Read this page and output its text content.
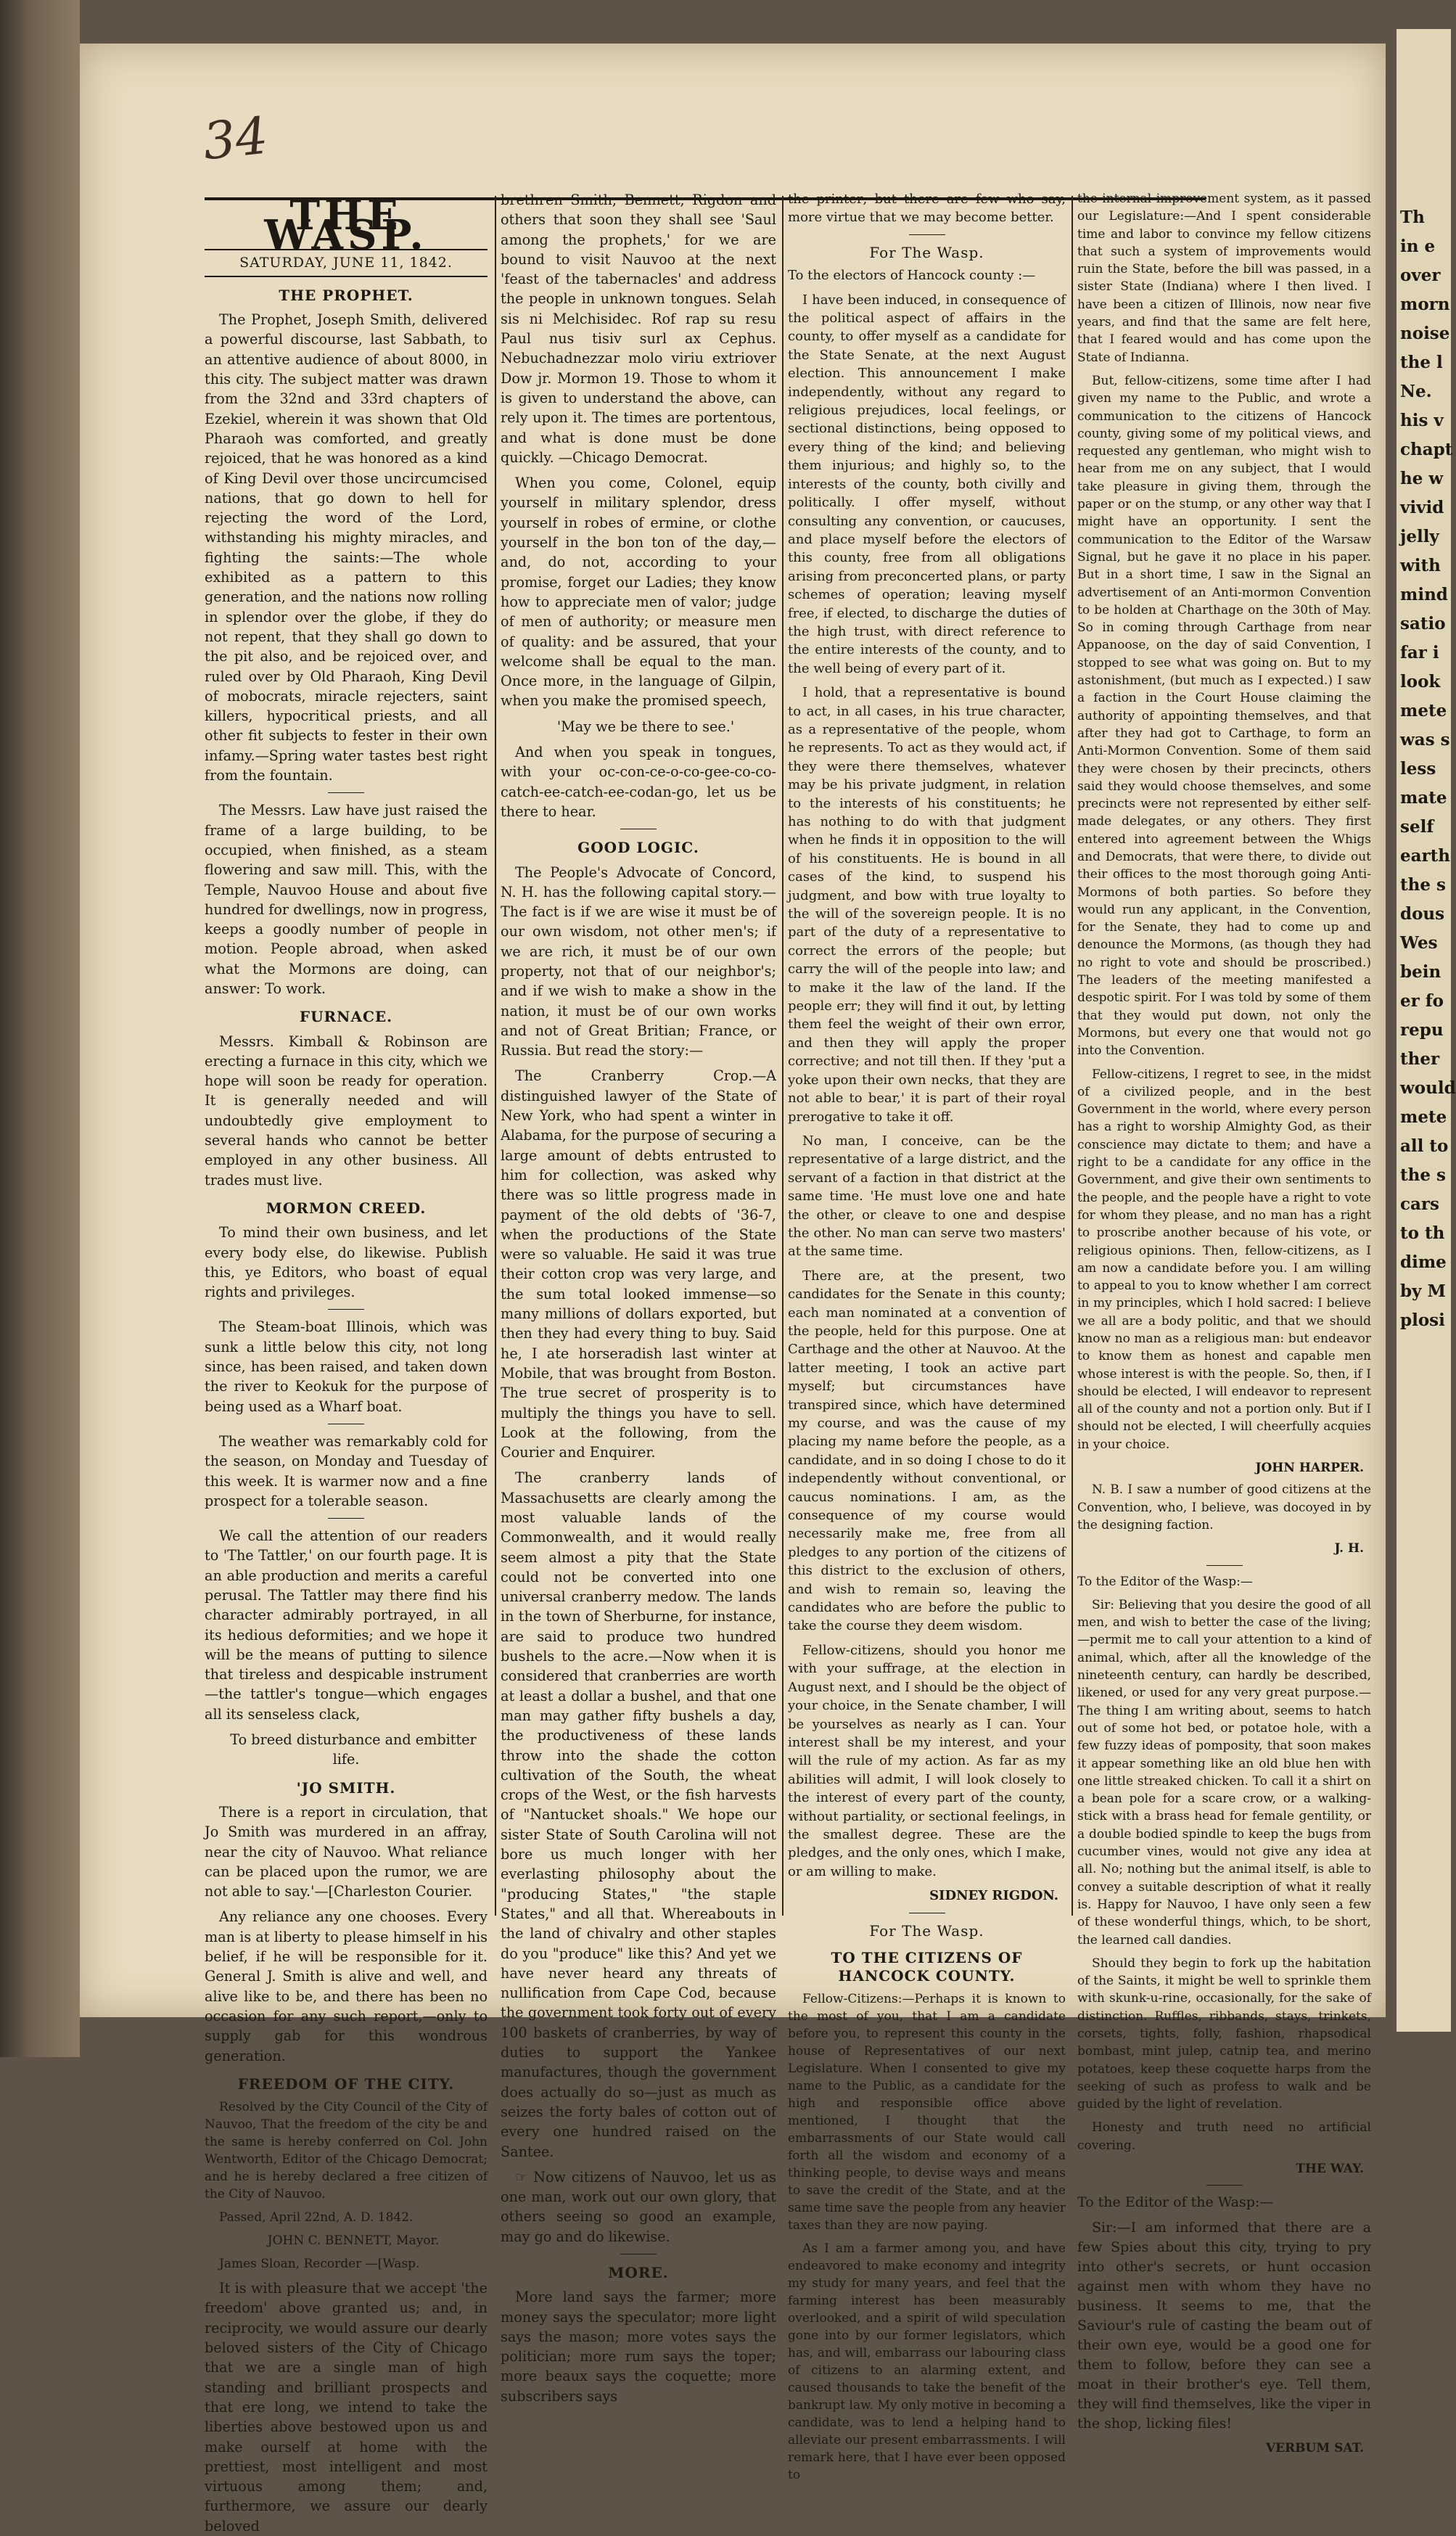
Th
in e
over
morn
noise
the l
Ne.
his v
chapt
he w
vivid
jelly
with
mind
satio
far i
look
mete
was s
less
mate
self
earth
the s
dous
Wes
bein
er fo
repu
ther
would
mete
all to
the s
cars
to th
dime
by M
plosi
34
THE WASP.
SATURDAY, JUNE 11, 1842.
THE PROPHET.

The Prophet, Joseph Smith, delivered a powerful discourse, last Sabbath, to an attentive audience of about 8000, in this city. The subject matter was drawn from the 32nd and 33rd chapters of Ezekiel, wherein it was shown that Old Pharaoh was comforted, and greatly rejoiced, that he was honored as a kind of King Devil over those uncircumcised nations, that go down to hell for rejecting the word of the Lord, withstanding his mighty miracles, and fighting the saints:—The whole exhibited as a pattern to this generation, and the nations now rolling in splendor over the globe, if they do not repent, that they shall go down to the pit also, and be rejoiced over, and ruled over by Old Pharaoh, King Devil of mobocrats, miracle rejecters, saint killers, hypocritical priests, and all other fit subjects to fester in their own infamy.—Spring water tastes best right from the fountain.

The Messrs. Law have just raised the frame of a large building, to be occupied, when finished, as a steam flowering and saw mill. This, with the Temple, Nauvoo House and about five hundred for dwellings, now in progress, keeps a goodly number of people in motion. People abroad, when asked what the Mormons are doing, can answer: To work.

FURNACE.

Messrs. Kimball & Robinson are erecting a furnace in this city, which we hope will soon be ready for operation. It is generally needed and will undoubtedly give employment to several hands who cannot be better employed in any other business. All trades must live.

MORMON CREED.

To mind their own business, and let every body else, do likewise. Publish this, ye Editors, who boast of equal rights and privileges.

The Steam-boat Illinois, which was sunk a little below this city, not long since, has been raised, and taken down the river to Keokuk for the purpose of being used as a Wharf boat.

The weather was remarkably cold for the season, on Monday and Tuesday of this week. It is warmer now and a fine prospect for a tolerable season.

We call the attention of our readers to 'The Tattler,' on our fourth page. It is an able production and merits a careful perusal. The Tattler may there find his character admirably portrayed, in all its hedious deformities; and we hope it will be the means of putting to silence that tireless and despicable instrument—the tattler's tongue—which engages all its senseless clack,

To breed disturbance and embitter life.

'JO SMITH.

There is a report in circulation, that Jo Smith was murdered in an affray, near the city of Nauvoo. What reliance can be placed upon the rumor, we are not able to say.'—[Charleston Courier.

Any reliance any one chooses. Every man is at liberty to please himself in his belief, if he will be responsible for it. General J. Smith is alive and well, and alive like to be, and there has been no occasion for any such report,—only to supply gab for this wondrous generation.

FREEDOM OF THE CITY.

Resolved by the City Council of the City of Nauvoo, That the freedom of the city be and the same is hereby conferred on Col. John Wentworth, Editor of the Chicago Democrat; and he is hereby declared a free citizen of the City of Nauvoo.

Passed, April 22nd, A. D. 1842.

JOHN C. BENNETT, Mayor.

James Sloan, Recorder —[Wasp.

It is with pleasure that we accept 'the freedom' above granted us; and, in reciprocity, we would assure our dearly beloved sisters of the City of Chicago that we are a single man of high standing and brilliant prospects and that ere long, we intend to take the liberties above bestowed upon us and make ourself at home with the prettiest, most intelligent and most virtuous among them; and, furthermore, we assure our dearly beloved

brethren Smith, Bennett, Rigdon and others that soon they shall see 'Saul among the prophets,' for we are bound to visit Nauvoo at the next 'feast of the tabernacles' and address the people in unknown tongues. Selah sis ni Melchisidec. Rof rap su resu Paul nus tisiv surl ax Cephus. Nebuchadnezzar molo viriu extriover Dow jr. Mormon 19. Those to whom it is given to understand the above, can rely upon it. The times are portentous, and what is done must be done quickly. —Chicago Democrat.

When you come, Colonel, equip yourself in military splendor, dress yourself in robes of ermine, or clothe yourself in the bon ton of the day,—and, do not, according to your promise, forget our Ladies; they know how to appreciate men of valor; judge of men of authority; or measure men of quality: and be assured, that your welcome shall be equal to the man. Once more, in the language of Gilpin, when you make the promised speech,

'May we be there to see.'

And when you speak in tongues, with your oc-con-ce-o-co-gee-co-co-catch-ee-catch-ee-codan-go, let us be there to hear.

GOOD LOGIC.

The People's Advocate of Concord, N. H. has the following capital story.—The fact is if we are wise it must be of our own wisdom, not other men's; if we are rich, it must be of our own property, not that of our neighbor's; and if we wish to make a show in the nation, it must be of our own works and not of Great Britian; France, or Russia. But read the story:—

The Cranberry Crop.—A distinguished lawyer of the State of New York, who had spent a winter in Alabama, for the purpose of securing a large amount of debts entrusted to him for collection, was asked why there was so little progress made in payment of the old debts of '36-7, when the productions of the State were so valuable. He said it was true their cotton crop was very large, and the sum total looked immense—so many millions of dollars exported, but then they had every thing to buy. Said he, I ate horseradish last winter at Mobile, that was brought from Boston. The true secret of prosperity is to multiply the things you have to sell. Look at the following, from the Courier and Enquirer.

The cranberry lands of Massachusetts are clearly among the most valuable lands of the Commonwealth, and it would really seem almost a pity that the State could not be converted into one universal cranberry medow. The lands in the town of Sherburne, for instance, are said to produce two hundred bushels to the acre.—Now when it is considered that cranberries are worth at least a dollar a bushel, and that one man may gather fifty bushels a day, the productiveness of these lands throw into the shade the cotton cultivation of the South, the wheat crops of the West, or the fish harvests of "Nantucket shoals." We hope our sister State of South Carolina will not bore us much longer with her everlasting philosophy about the "producing States," "the staple States," and all that. Whereabouts in the land of chivalry and other staples do you "produce" like this? And yet we have never heard any threats of nullification from Cape Cod, because the government took forty out of every 100 baskets of cranberries, by way of duties to support the Yankee manufactures, though the government does actually do so—just as much as seizes the forty bales of cotton out of every one hundred raised on the Santee.

☞ Now citizens of Nauvoo, let us as one man, work out our own glory, that others seeing so good an example, may go and do likewise.

MORE.

More land says the farmer; more money says the speculator; more light says the mason; more votes says the politician; more rum says the toper; more beaux says the coquette; more subscribers says

the printer; but there are few who say, more virtue that we may become better.

For The Wasp.

To the electors of Hancock county :—

I have been induced, in consequence of the political aspect of affairs in the county, to offer myself as a candidate for the State Senate, at the next August election. This announcement I make independently, without any regard to religious prejudices, local feelings, or sectional distinctions, being opposed to every thing of the kind; and believing them injurious; and highly so, to the interests of the county, both civilly and politically. I offer myself, without consulting any convention, or caucuses, and place myself before the electors of this county, free from all obligations arising from preconcerted plans, or party schemes of operation; leaving myself free, if elected, to discharge the duties of the high trust, with direct reference to the entire interests of the county, and to the well being of every part of it.

I hold, that a representative is bound to act, in all cases, in his true character, as a representative of the people, whom he represents. To act as they would act, if they were there themselves, whatever may be his private judgment, in relation to the interests of his constituents; he has nothing to do with that judgment when he finds it in opposition to the will of his constituents. He is bound in all cases of the kind, to suspend his judgment, and bow with true loyalty to the will of the sovereign people. It is no part of the duty of a representative to correct the errors of the people; but carry the will of the people into law; and to make it the law of the land. If the people err; they will find it out, by letting them feel the weight of their own error, and then they will apply the proper corrective; and not till then. If they 'put a yoke upon their own necks, that they are not able to bear,' it is part of their royal prerogative to take it off.

No man, I conceive, can be the representative of a large district, and the servant of a faction in that district at the same time. 'He must love one and hate the other, or cleave to one and despise the other. No man can serve two masters' at the same time.

There are, at the present, two candidates for the Senate in this county; each man nominated at a convention of the people, held for this purpose. One at Carthage and the other at Nauvoo. At the latter meeting, I took an active part myself; but circumstances have transpired since, which have determined my course, and was the cause of my placing my name before the people, as a candidate, and in so doing I chose to do it independently without conventional, or caucus nominations. I am, as the consequence of my course would necessarily make me, free from all pledges to any portion of the citizens of this district to the exclusion of others, and wish to remain so, leaving the candidates who are before the public to take the course they deem wisdom.

Fellow-citizens, should you honor me with your suffrage, at the election in August next, and I should be the object of your choice, in the Senate chamber, I will be yourselves as nearly as I can. Your interest shall be my interest, and your will the rule of my action. As far as my abilities will admit, I will look closely to the interest of every part of the county, without partiality, or sectional feelings, in the smallest degree. These are the pledges, and the only ones, which I make, or am willing to make.

SIDNEY RIGDON.
For The Wasp.
TO THE CITIZENS OF HANCOCK COUNTY.

Fellow-Citizens:—Perhaps it is known to the most of you, that I am a candidate before you, to represent this county in the house of Representatives of our next Legislature. When I consented to give my name to the Public, as a candidate for the high and responsible office above mentioned, I thought that the embarrassments of our State would call forth all the wisdom and economy of a thinking people, to devise ways and means to save the credit of the State, and at the same time save the people from any heavier taxes than they are now paying.

As I am a farmer among you, and have endeavored to make economy and integrity my study for many years, and feel that the farming interest has been measurably overlooked, and a spirit of wild speculation gone into by our former legislators, which has, and will, embarrass our labouring class of citizens to an alarming extent, and caused thousands to take the benefit of the bankrupt law. My only motive in becoming a candidate, was to lend a helping hand to alleviate our present embarrassments. I will remark here, that I have ever been opposed to

the internal improvement system, as it passed our Legislature:—And I spent considerable time and labor to convince my fellow citizens that such a system of improvements would ruin the State, before the bill was passed, in a sister State (Indiana) where I then lived. I have been a citizen of Illinois, now near five years, and find that the same are felt here, that I feared would and has come upon the State of Indianna.

But, fellow-citizens, some time after I had given my name to the Public, and wrote a communication to the citizens of Hancock county, giving some of my political views, and requested any gentleman, who might wish to hear from me on any subject, that I would take pleasure in giving them, through the paper or on the stump, or any other way that I might have an opportunity. I sent the communication to the Editor of the Warsaw Signal, but he gave it no place in his paper. But in a short time, I saw in the Signal an advertisement of an Anti-mormon Convention to be holden at Charthage on the 30th of May. So in coming through Carthage from near Appanoose, on the day of said Convention, I stopped to see what was going on. But to my astonishment, (but much as I expected.) I saw a faction in the Court House claiming the authority of appointing themselves, and that after they had got to Carthage, to form an Anti-Mormon Convention. Some of them said they were chosen by their precincts, others said they would choose themselves, and some precincts were not represented by either self-made delegates, or any others. They first entered into agreement between the Whigs and Democrats, that were there, to divide out their offices to the most thorough going Anti-Mormons of both parties. So before they would run any applicant, in the Convention, for the Senate, they had to come up and denounce the Mormons, (as though they had no right to vote and should be proscribed.) The leaders of the meeting manifested a despotic spirit. For I was told by some of them that they would put down, not only the Mormons, but every one that would not go into the Convention.

Fellow-citizens, I regret to see, in the midst of a civilized people, and in the best Government in the world, where every person has a right to worship Almighty God, as their conscience may dictate to them; and have a right to be a candidate for any office in the Government, and give their own sentiments to the people, and the people have a right to vote for whom they please, and no man has a right to proscribe another because of his vote, or religious opinions. Then, fellow-citizens, as I am now a candidate before you. I am willing to appeal to you to know whether I am correct in my principles, which I hold sacred: I believe we all are a body politic, and that we should know no man as a religious man: but endeavor to know them as honest and capable men whose interest is with the people. So, then, if I should be elected, I will endeavor to represent all of the county and not a portion only. But if I should not be elected, I will cheerfully acquies in your choice.

JOHN HARPER.

N. B. I saw a number of good citizens at the Convention, who, I believe, was docoyed in by the designing faction.

J. H.

To the Editor of the Wasp:—

Sir: Believing that you desire the good of all men, and wish to better the case of the living;—permit me to call your attention to a kind of animal, which, after all the knowledge of the nineteenth century, can hardly be described, likened, or used for any very great purpose.—The thing I am writing about, seems to hatch out of some hot bed, or potatoe hole, with a few fuzzy ideas of pomposity, that soon makes it appear something like an old blue hen with one little streaked chicken. To call it a shirt on a bean pole for a scare crow, or a walking-stick with a brass head for female gentility, or a double bodied spindle to keep the bugs from cucumber vines, would not give any idea at all. No; nothing but the animal itself, is able to convey a suitable description of what it really is. Happy for Nauvoo, I have only seen a few of these wonderful things, which, to be short, the learned call dandies.

Should they begin to fork up the habitation of the Saints, it might be well to sprinkle them with skunk-u-rine, occasionally, for the sake of distinction. Ruffles, ribbands, stays, trinkets, corsets, tights, folly, fashion, rhapsodical bombast, mint julep, catnip tea, and merino potatoes, keep these coquette harps from the seeking of such as profess to walk and be guided by the light of revelation.

Honesty and truth need no artificial covering.

THE WAY.

To the Editor of the Wasp:—

Sir:—I am informed that there are a few Spies about this city, trying to pry into other's secrets, or hunt occasion against men with whom they have no business. It seems to me, that the Saviour's rule of casting the beam out of their own eye, would be a good one for them to follow, before they can see a moat in their brother's eye. Tell them, they will find themselves, like the viper in the shop, licking files!

VERBUM SAT.
